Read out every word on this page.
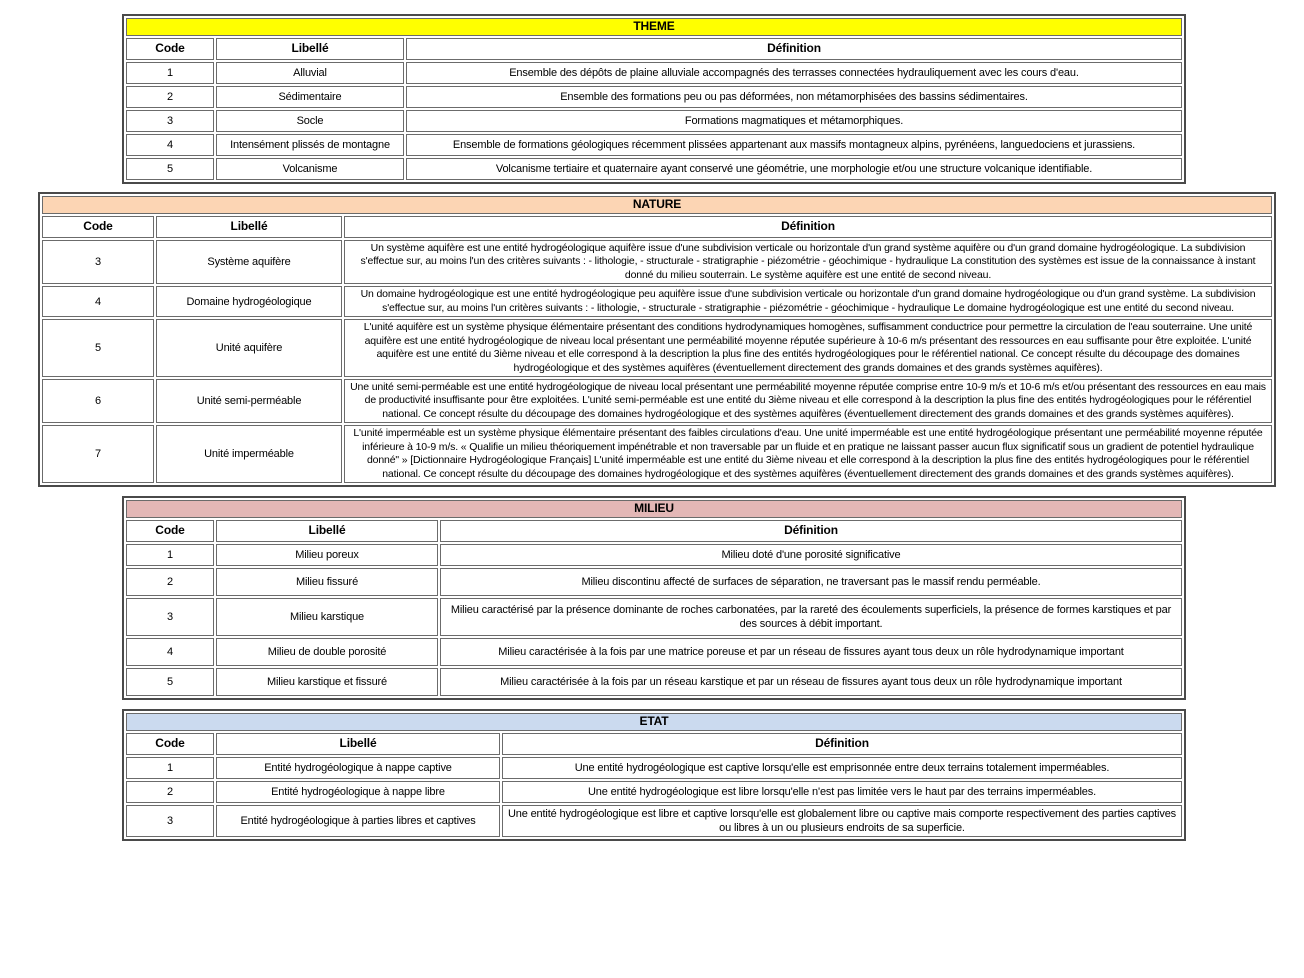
THEME		
Code	Libellé	Définition
1	Alluvial	Ensemble des dépôts de plaine alluviale accompagnés des terrasses connectées hydrauliquement avec les cours d'eau.
2	Sédimentaire	Ensemble des formations peu ou pas déformées, non métamorphisées des bassins sédimentaires.
3	Socle	Formations magmatiques et métamorphiques.
4	Intensément plissés de montagne	Ensemble de formations géologiques récemment plissées appartenant aux massifs montagneux alpins, pyrénéens, languedociens et jurassiens.
5	Volcanisme	Volcanisme tertiaire et quaternaire ayant conservé une géométrie, une morphologie et/ou une structure volcanique identifiable.
NATURE		
Code	Libellé	Définition
3	Système aquifère	Un système aquifère est une entité hydrogéologique aquifère issue d'une subdivision verticale ou horizontale d'un grand système aquifère ou d'un grand domaine hydrogéologique. La subdivision s'effectue sur, au moins l'un des critères suivants : - lithologie, - structurale - stratigraphie - piézométrie - géochimique - hydraulique La constitution des systèmes est issue de la connaissance à instant donné du milieu souterrain. Le système aquifère est une entité de second niveau.
4	Domaine hydrogéologique	Un domaine hydrogéologique est une entité hydrogéologique peu aquifère issue d'une subdivision verticale ou horizontale d'un grand domaine hydrogéologique ou d'un grand système. La subdivision s'effectue sur, au moins l'un critères suivants : - lithologie, - structurale - stratigraphie - piézométrie - géochimique - hydraulique Le domaine hydrogéologique est une entité du second niveau.
5	Unité aquifère	L'unité aquifère est un système physique élémentaire présentant des conditions hydrodynamiques homogènes, suffisamment conductrice pour permettre la circulation de l'eau souterraine. Une unité aquifère est une entité hydrogéologique de niveau local présentant une perméabilité moyenne réputée supérieure à 10-6 m/s présentant des ressources en eau suffisante pour être exploitée. L'unité aquifère est une entité du 3ième niveau et elle correspond à la description la plus fine des entités hydrogéologiques pour le référentiel national. Ce concept résulte du découpage des domaines hydrogéologique et des systèmes aquifères (éventuellement directement des grands domaines et des grands systèmes aquifères).
6	Unité semi-perméable	Une unité semi-perméable est une entité hydrogéologique de niveau local présentant une perméabilité moyenne réputée comprise entre 10-9 m/s et 10-6 m/s et/ou présentant des ressources en eau mais de productivité insuffisante pour être exploitées. L'unité semi-perméable est une entité du 3ième niveau et elle correspond à la description la plus fine des entités hydrogéologiques pour le référentiel national. Ce concept résulte du découpage des domaines hydrogéologique et des systèmes aquifères (éventuellement directement des grands domaines et des grands systèmes aquifères).
7	Unité imperméable	L'unité imperméable est un système physique élémentaire présentant des faibles circulations d'eau. Une unité imperméable est une entité hydrogéologique présentant une perméabilité moyenne réputée inférieure à 10-9 m/s. « Qualifie un milieu théoriquement impénétrable et non traversable par un fluide et en pratique ne laissant passer aucun flux significatif sous un gradient de potentiel hydraulique donné" » [Dictionnaire Hydrogéologique Français] L'unité imperméable est une entité du 3ième niveau et elle correspond à la description la plus fine des entités hydrogéologiques pour le référentiel national. Ce concept résulte du découpage des domaines hydrogéologique et des systèmes aquifères (éventuellement directement des grands domaines et des grands systèmes aquifères).
MILIEU		
Code	Libellé	Définition
1	Milieu poreux	Milieu doté d'une porosité significative
2	Milieu fissuré	Milieu discontinu affecté de surfaces de séparation, ne traversant pas le massif rendu perméable.
3	Milieu karstique	Milieu caractérisé par la présence dominante de roches carbonatées, par la rareté des écoulements superficiels, la présence de formes karstiques et par des sources à débit important.
4	Milieu de double porosité	Milieu caractérisée à la fois par une matrice poreuse et par un réseau de fissures ayant tous deux un rôle hydrodynamique important
5	Milieu karstique et fissuré	Milieu caractérisée à la fois par un réseau karstique et par un réseau de fissures ayant tous deux un rôle hydrodynamique important
ETAT		
Code	Libellé	Définition
1	Entité hydrogéologique à nappe captive	Une entité hydrogéologique est captive lorsqu'elle est emprisonnée entre deux terrains totalement imperméables.
2	Entité hydrogéologique à nappe libre	Une entité hydrogéologique est libre lorsqu'elle n'est pas limitée vers le haut par des terrains imperméables.
3	Entité hydrogéologique à parties libres et captives	Une entité hydrogéologique est libre et captive lorsqu'elle est globalement libre ou captive mais comporte respectivement des parties captives ou libres à un ou plusieurs endroits de sa superficie.
